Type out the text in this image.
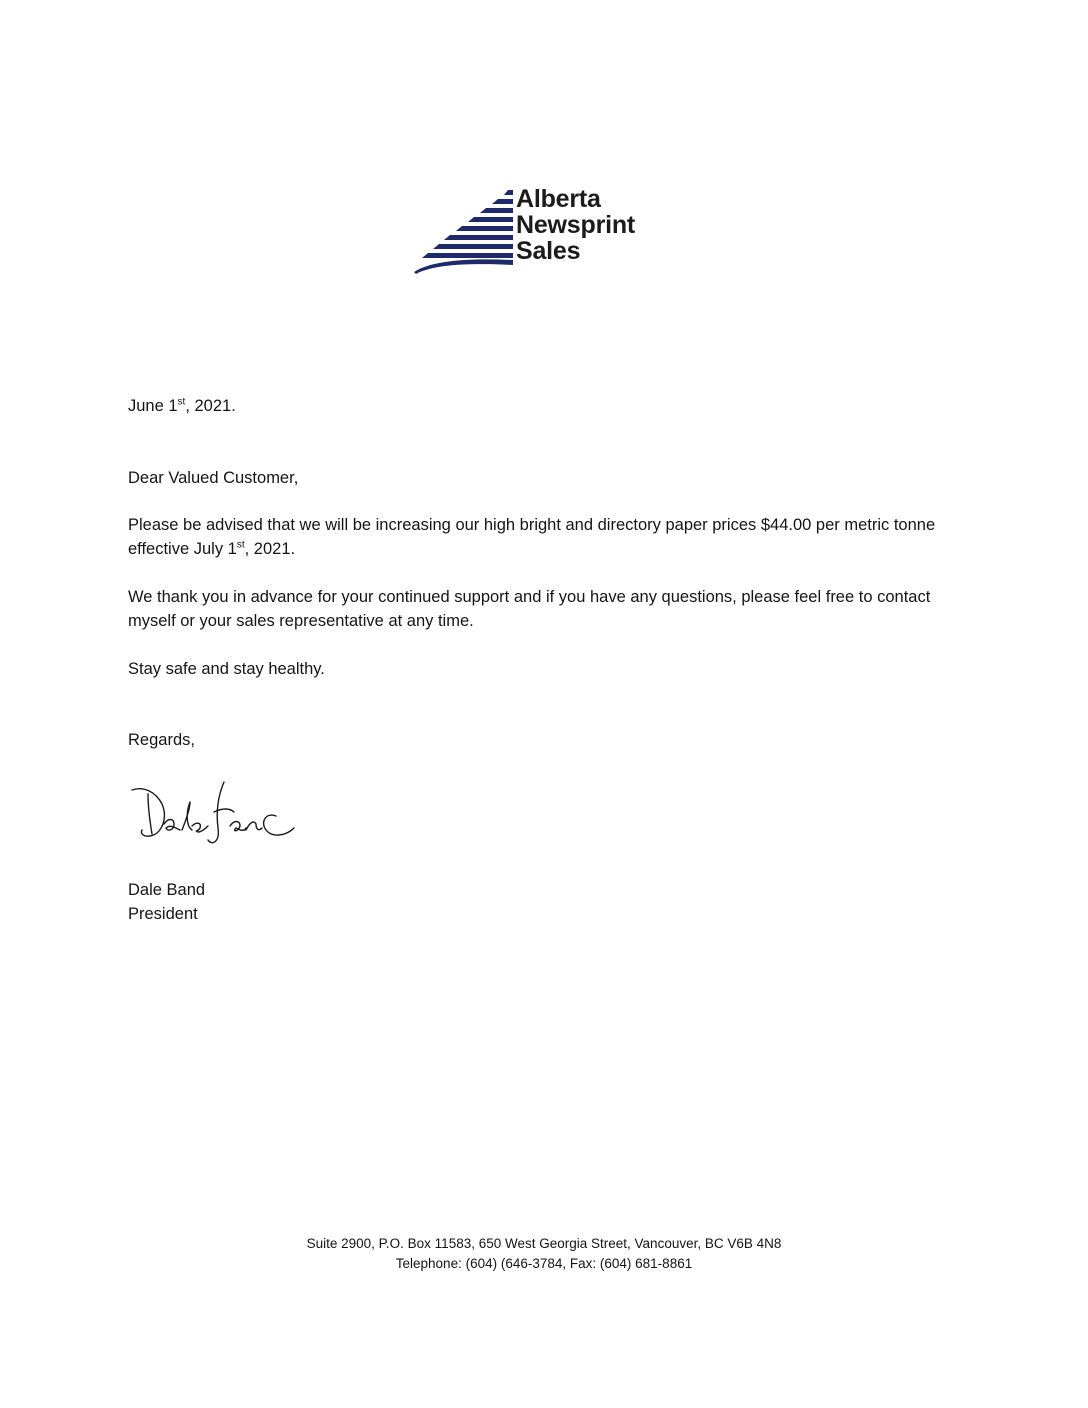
Alberta
Newsprint
Sales
June 1st, 2021.
Dear Valued Customer,

Please be advised that we will be increasing our high bright and directory paper prices $44.00 per metric tonne effective July 1st, 2021.

We thank you in advance for your continued support and if you have any questions, please feel free to contact myself or your sales representative at any time.

Stay safe and stay healthy.
Regards,
Dale Band
President
Suite 2900, P.O. Box 11583, 650 West Georgia Street, Vancouver, BC V6B 4N8
Telephone: (604) (646-3784, Fax: (604) 681-8861
